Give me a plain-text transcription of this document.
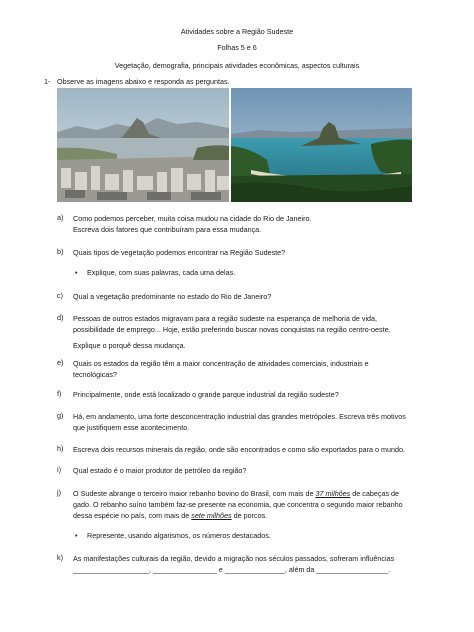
Atividades sobre a Região Sudeste
Folhas 5 e 6
Vegetação, demografia, principais atividades econômicas, aspectos culturais
1- Observe as imagens abaixo e responda as perguntas.
a) Como podemos perceber, muita coisa mudou na cidade do Rio de Janeiro.
Escreva dois fatores que contribuíram para essa mudança.
b) Quais tipos de vegetação podemos encontrar na Região Sudeste?
• Explique, com suas palavras, cada uma delas.
c) Qual a vegetação predominante no estado do Rio de Janeiro?
d) Pessoas de outros estados migravam para a região sudeste na esperança de melhoria de vida,
possibilidade de emprego... Hoje, estão preferindo buscar novas conquistas na região centro-oeste.
Explique o porquê dessa mudança.
e) Quais os estados da região têm a maior concentração de atividades comerciais, industriais e
tecnológicas?
f) Principalmente, onde está localizado o grande parque industrial da região sudeste?
g) Há, em andamento, uma forte desconcentração industrial das grandes metrópoles. Escreva três motivos
que justifiquem esse acontecimento.
h) Escreva dois recursos minerais da região, onde são encontrados e como são exportados para o mundo.
i) Qual estado é o maior produtor de petróleo da região?
j) O Sudeste abrange o terceiro maior rebanho bovino do Brasil, com mais de 37 milhões de cabeças de
gado. O rebanho suíno também faz-se presente na economia, que concentra o segundo maior rebanho
dessa espécie no país, com mais de sete milhões de porcos.
• Represente, usando algarismos, os números destacados.
k) As manifestações culturais da região, devido a migração nos séculos passados, sofreram influências
___________________, ________________ e _______________, além da __________________.
